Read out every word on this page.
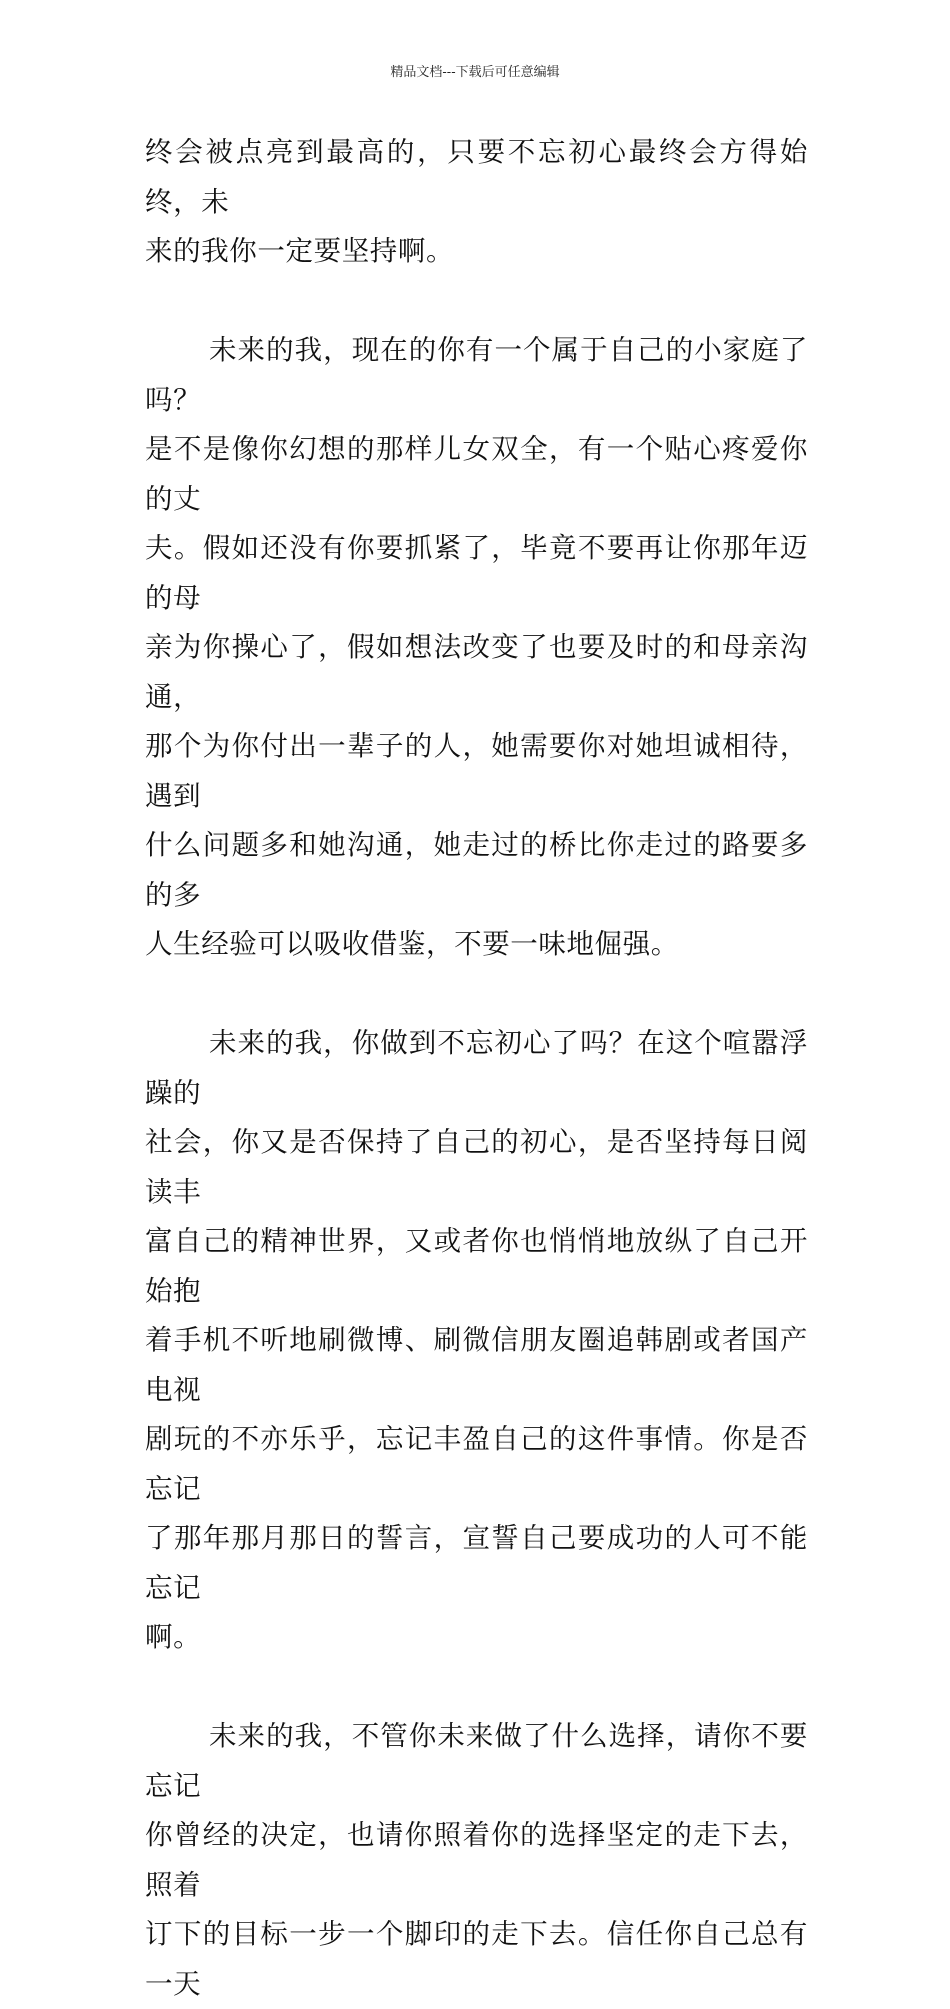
精品文档---下载后可任意编辑

终会被点亮到最高的，只要不忘初心最终会方得始终，未
来的我你一定要坚持啊。

未来的我，现在的你有一个属于自己的小家庭了吗？
是不是像你幻想的那样儿女双全，有一个贴心疼爱你的丈
夫。假如还没有你要抓紧了，毕竟不要再让你那年迈的母
亲为你操心了，假如想法改变了也要及时的和母亲沟通，
那个为你付出一辈子的人，她需要你对她坦诚相待，遇到
什么问题多和她沟通，她走过的桥比你走过的路要多的多
人生经验可以吸收借鉴，不要一味地倔强。

未来的我，你做到不忘初心了吗？在这个喧嚣浮躁的
社会，你又是否保持了自己的初心，是否坚持每日阅读丰
富自己的精神世界，又或者你也悄悄地放纵了自己开始抱
着手机不听地刷微博、刷微信朋友圈追韩剧或者国产电视
剧玩的不亦乐乎，忘记丰盈自己的这件事情。你是否忘记
了那年那月那日的誓言，宣誓自己要成功的人可不能忘记
啊。

未来的我，不管你未来做了什么选择，请你不要忘记
你曾经的决定，也请你照着你的选择坚定的走下去，照着
订下的目标一步一个脚印的走下去。信任你自己总有一天
